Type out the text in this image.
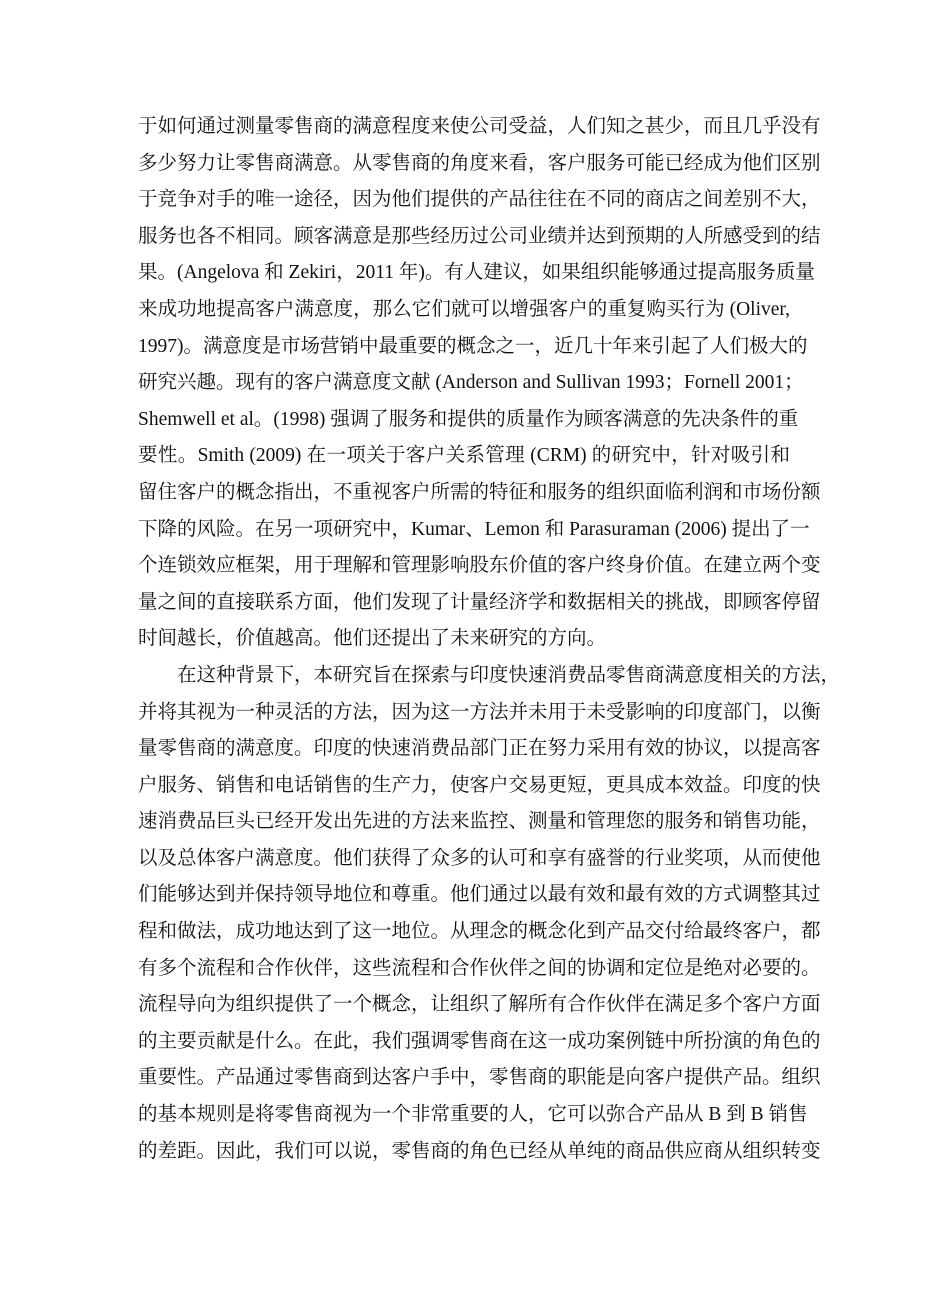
于如何通过测量零售商的满意程度来使公司受益，人们知之甚少，而且几乎没有
多少努力让零售商满意。从零售商的角度来看，客户服务可能已经成为他们区别
于竞争对手的唯一途径，因为他们提供的产品往往在不同的商店之间差别不大，
服务也各不相同。顾客满意是那些经历过公司业绩并达到预期的人所感受到的结
果。(Angelova 和 Zekiri，2011 年)。有人建议，如果组织能够通过提高服务质量
来成功地提高客户满意度，那么它们就可以增强客户的重复购买行为 (Oliver,
1997)。满意度是市场营销中最重要的概念之一，近几十年来引起了人们极大的
研究兴趣。现有的客户满意度文献 (Anderson and Sullivan 1993；Fornell 2001；
Shemwell et al。(1998) 强调了服务和提供的质量作为顾客满意的先决条件的重
要性。Smith (2009) 在一项关于客户关系管理 (CRM) 的研究中，针对吸引和
留住客户的概念指出，不重视客户所需的特征和服务的组织面临利润和市场份额
下降的风险。在另一项研究中，Kumar、Lemon 和 Parasuraman (2006) 提出了一
个连锁效应框架，用于理解和管理影响股东价值的客户终身价值。在建立两个变
量之间的直接联系方面，他们发现了计量经济学和数据相关的挑战，即顾客停留
时间越长，价值越高。他们还提出了未来研究的方向。
在这种背景下，本研究旨在探索与印度快速消费品零售商满意度相关的方法，
并将其视为一种灵活的方法，因为这一方法并未用于未受影响的印度部门，以衡
量零售商的满意度。印度的快速消费品部门正在努力采用有效的协议，以提高客
户服务、销售和电话销售的生产力，使客户交易更短，更具成本效益。印度的快
速消费品巨头已经开发出先进的方法来监控、测量和管理您的服务和销售功能，
以及总体客户满意度。他们获得了众多的认可和享有盛誉的行业奖项，从而使他
们能够达到并保持领导地位和尊重。他们通过以最有效和最有效的方式调整其过
程和做法，成功地达到了这一地位。从理念的概念化到产品交付给最终客户，都
有多个流程和合作伙伴，这些流程和合作伙伴之间的协调和定位是绝对必要的。
流程导向为组织提供了一个概念，让组织了解所有合作伙伴在满足多个客户方面
的主要贡献是什么。在此，我们强调零售商在这一成功案例链中所扮演的角色的
重要性。产品通过零售商到达客户手中，零售商的职能是向客户提供产品。组织
的基本规则是将零售商视为一个非常重要的人，它可以弥合产品从 B 到 B 销售
的差距。因此，我们可以说，零售商的角色已经从单纯的商品供应商从组织转变
